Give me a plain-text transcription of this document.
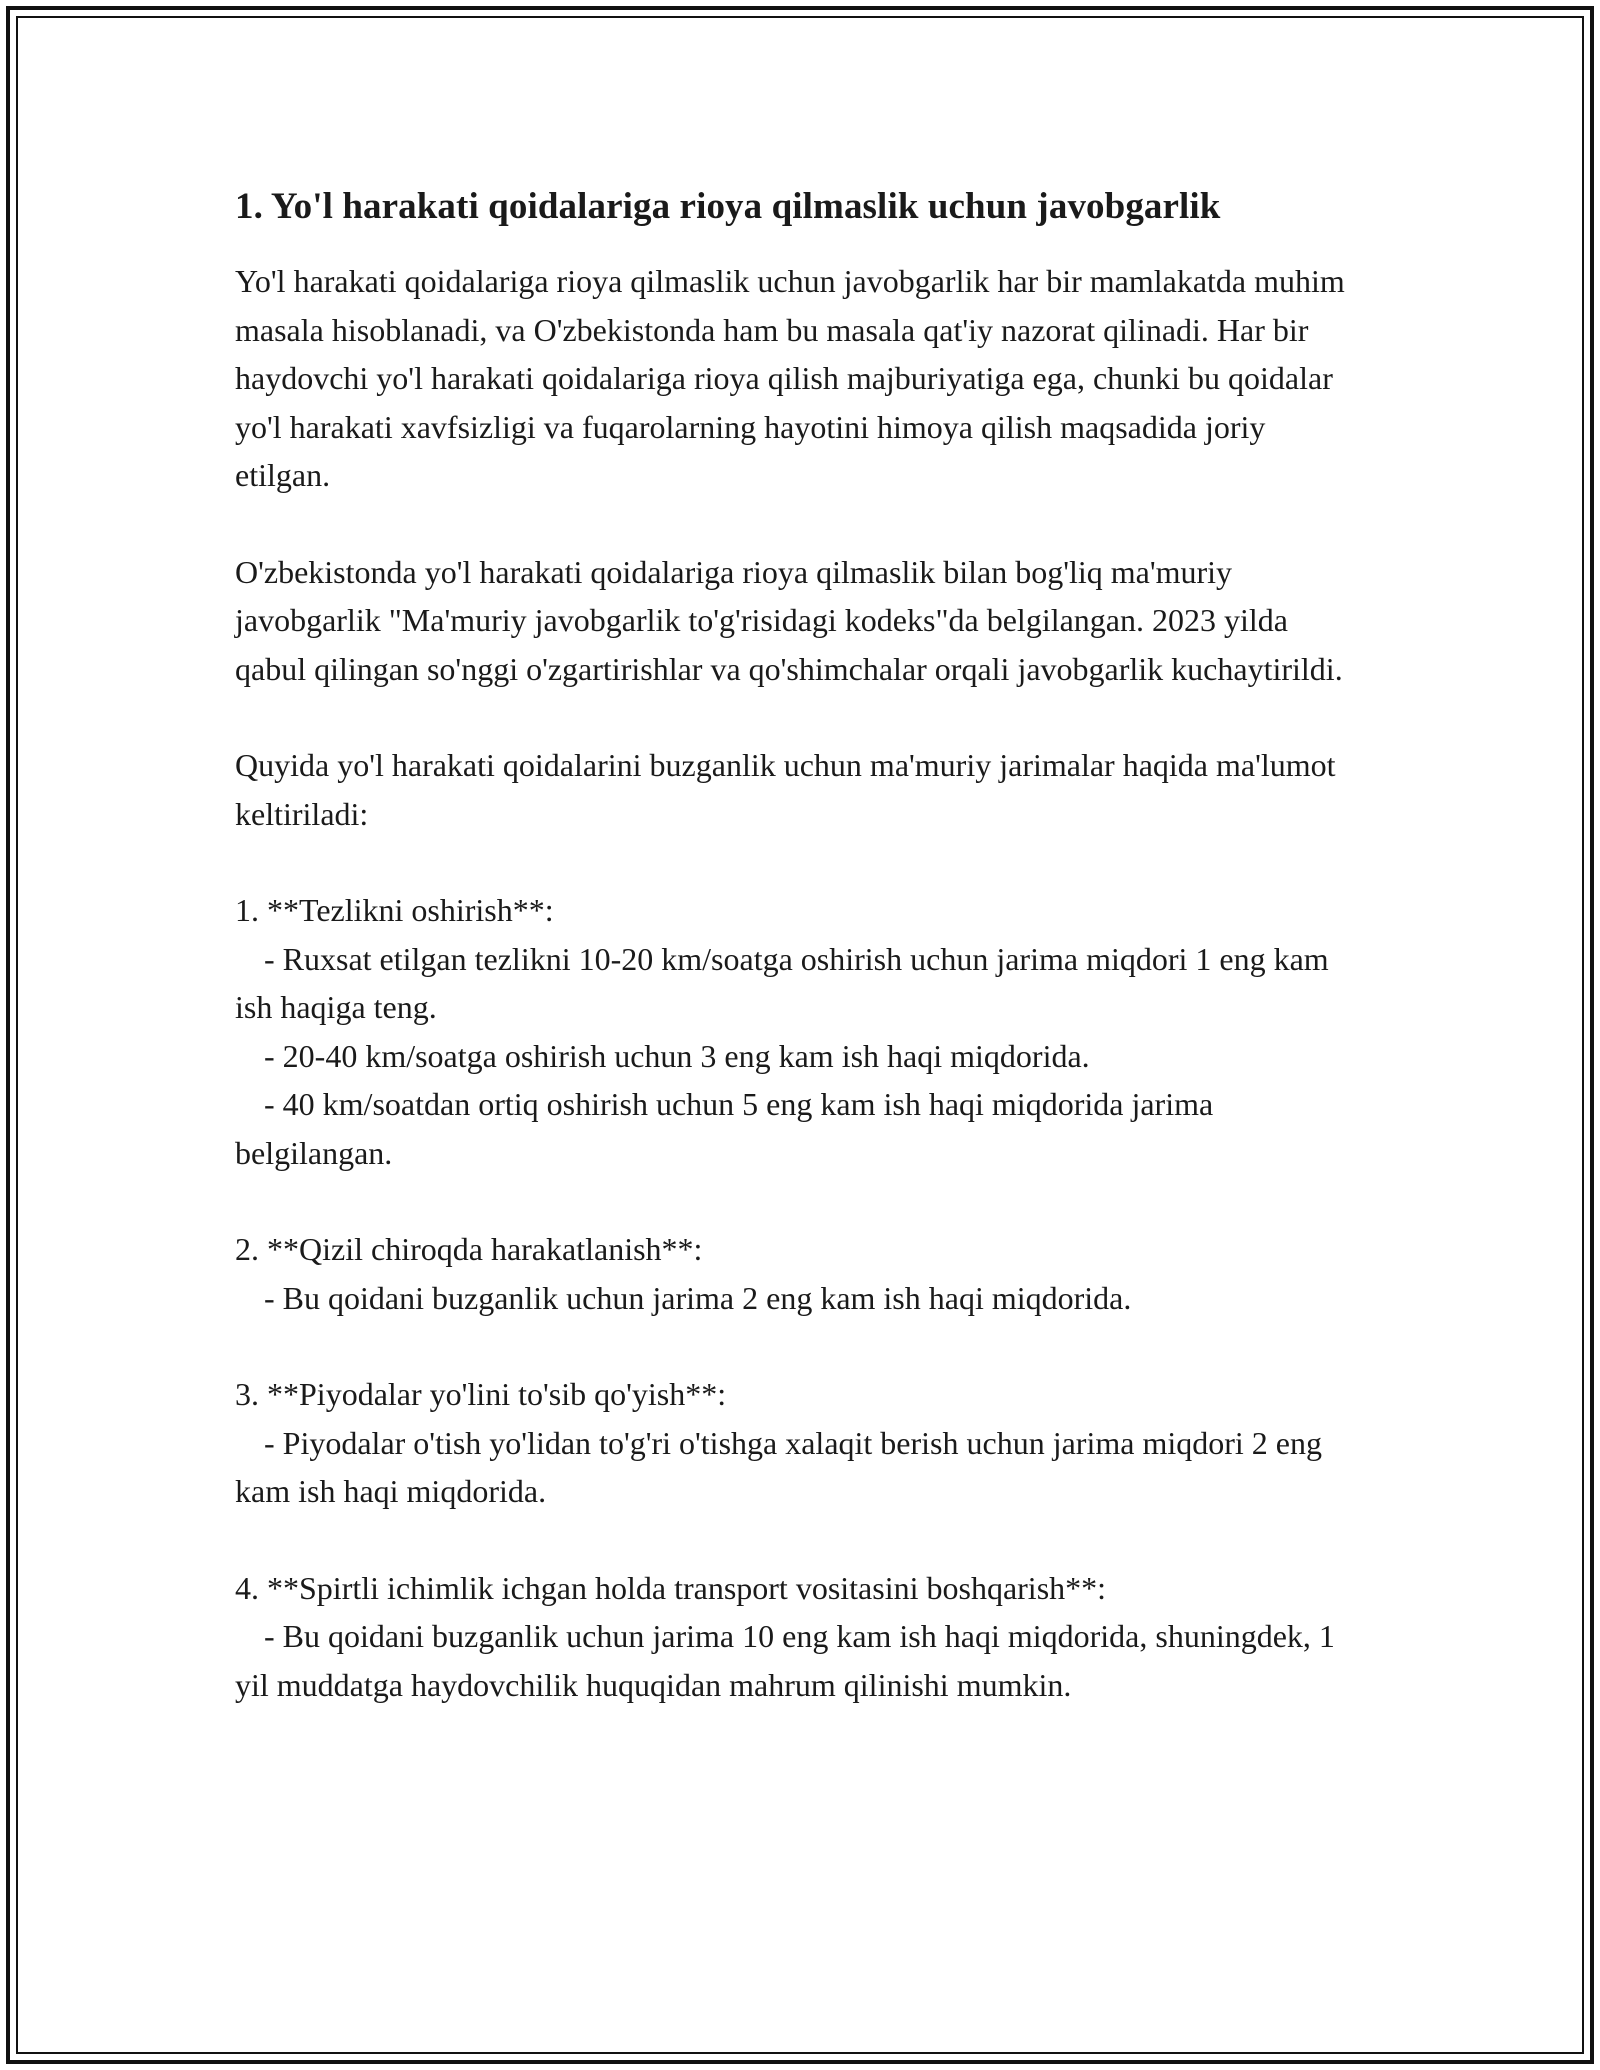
1. Yo'l harakati qoidalariga rioya qilmaslik uchun javobgarlik

Yo'l harakati qoidalariga rioya qilmaslik uchun javobgarlik har bir mamlakatda muhim masala hisoblanadi, va O'zbekistonda ham bu masala qat'iy nazorat qilinadi. Har bir haydovchi yo'l harakati qoidalariga rioya qilish majburiyatiga ega, chunki bu qoidalar yo'l harakati xavfsizligi va fuqarolarning hayotini himoya qilish maqsadida joriy etilgan.

O'zbekistonda yo'l harakati qoidalariga rioya qilmaslik bilan bog'liq ma'muriy javobgarlik "Ma'muriy javobgarlik to'g'risidagi kodeks"da belgilangan. 2023 yilda qabul qilingan so'nggi o'zgartirishlar va qo'shimchalar orqali javobgarlik kuchaytirildi.

Quyida yo'l harakati qoidalarini buzganlik uchun ma'muriy jarimalar haqida ma'lumot keltiriladi:

1. **Tezlikni oshirish**:
- Ruxsat etilgan tezlikni 10-20 km/soatga oshirish uchun jarima miqdori 1 eng kam ish haqiga teng.
- 20-40 km/soatga oshirish uchun 3 eng kam ish haqi miqdorida.
- 40 km/soatdan ortiq oshirish uchun 5 eng kam ish haqi miqdorida jarima belgilangan.
2. **Qizil chiroqda harakatlanish**:
- Bu qoidani buzganlik uchun jarima 2 eng kam ish haqi miqdorida.
3. **Piyodalar yo'lini to'sib qo'yish**:
- Piyodalar o'tish yo'lidan to'g'ri o'tishga xalaqit berish uchun jarima miqdori 2 eng kam ish haqi miqdorida.
4. **Spirtli ichimlik ichgan holda transport vositasini boshqarish**:
- Bu qoidani buzganlik uchun jarima 10 eng kam ish haqi miqdorida, shuningdek, 1 yil muddatga haydovchilik huquqidan mahrum qilinishi mumkin.
